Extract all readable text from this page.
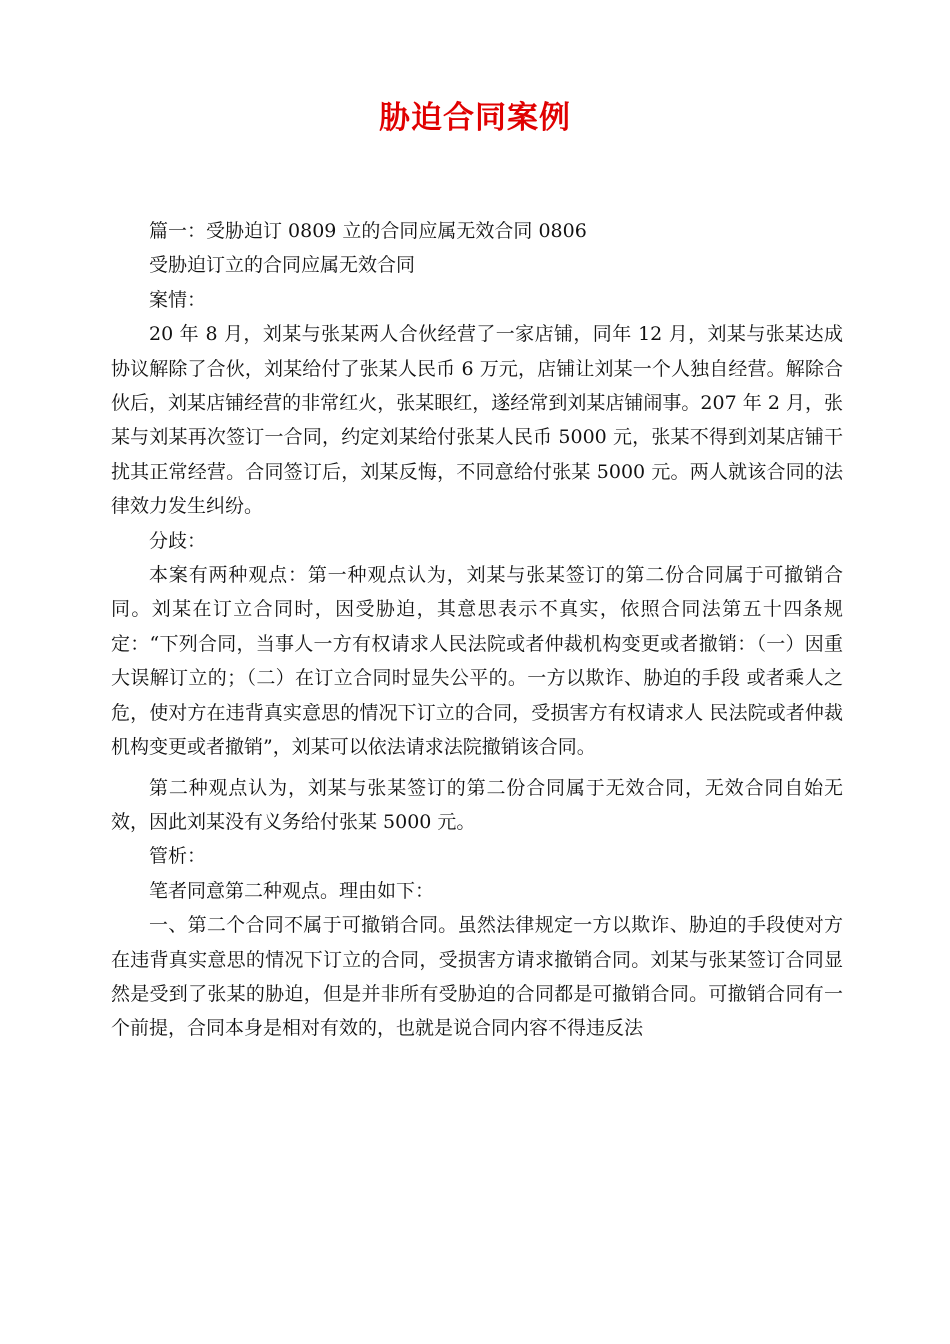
胁迫合同案例

篇一：受胁迫订 0809 立的合同应属无效合同 0806

受胁迫订立的合同应属无效合同

案情：

20 年 8 月，刘某与张某两人合伙经营了一家店铺，同年 12 月，刘某与张某达成协议解除了合伙，刘某给付了张某人民币 6 万元，店铺让刘某一个人独自经营。解除合伙后，刘某店铺经营的非常红火，张某眼红，遂经常到刘某店铺闹事。207 年 2 月，张某与刘某再次签订一合同，约定刘某给付张某人民币 5000 元，张某不得到刘某店铺干扰其正常经营。合同签订后，刘某反悔，不同意给付张某 5000 元。两人就该合同的法律效力发生纠纷。

分歧：

本案有两种观点：第一种观点认为，刘某与张某签订的第二份合同属于可撤销合同。刘某在订立合同时，因受胁迫，其意思表示不真实，依照合同法第五十四条规定：“下列合同，当事人一方有权请求人民法院或者仲裁机构变更或者撤销：（一）因重大误解订立的；（二）在订立合同时显失公平的。一方以欺诈、胁迫的手段 或者乘人之危，使对方在违背真实意思的情况下订立的合同，受损害方有权请求人 民法院或者仲裁机构变更或者撤销”，刘某可以依法请求法院撤销该合同。

第二种观点认为，刘某与张某签订的第二份合同属于无效合同，无效合同自始无效，因此刘某没有义务给付张某 5000 元。

管析：

笔者同意第二种观点。理由如下：

一、第二个合同不属于可撤销合同。虽然法律规定一方以欺诈、胁迫的手段使对方在违背真实意思的情况下订立的合同，受损害方请求撤销合同。刘某与张某签订合同显然是受到了张某的胁迫，但是并非所有受胁迫的合同都是可撤销合同。可撤销合同有一个前提，合同本身是相对有效的，也就是说合同内容不得违反法
